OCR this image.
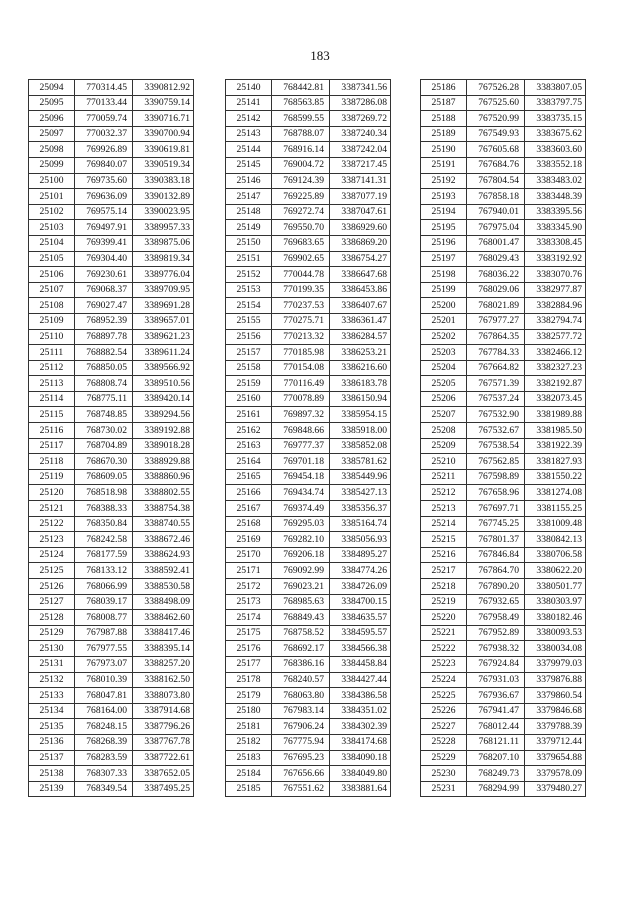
183
25094	770314.45	3390812.92
25095	770133.44	3390759.14
25096	770059.74	3390716.71
25097	770032.37	3390700.94
25098	769926.89	3390619.81
25099	769840.07	3390519.34
25100	769735.60	3390383.18
25101	769636.09	3390132.89
25102	769575.14	3390023.95
25103	769497.91	3389957.33
25104	769399.41	3389875.06
25105	769304.40	3389819.34
25106	769230.61	3389776.04
25107	769068.37	3389709.95
25108	769027.47	3389691.28
25109	768952.39	3389657.01
25110	768897.78	3389621.23
25111	768882.54	3389611.24
25112	768850.05	3389566.92
25113	768808.74	3389510.56
25114	768775.11	3389420.14
25115	768748.85	3389294.56
25116	768730.02	3389192.88
25117	768704.89	3389018.28
25118	768670.30	3388929.88
25119	768609.05	3388860.96
25120	768518.98	3388802.55
25121	768388.33	3388754.38
25122	768350.84	3388740.55
25123	768242.58	3388672.46
25124	768177.59	3388624.93
25125	768133.12	3388592.41
25126	768066.99	3388530.58
25127	768039.17	3388498.09
25128	768008.77	3388462.60
25129	767987.88	3388417.46
25130	767977.55	3388395.14
25131	767973.07	3388257.20
25132	768010.39	3388162.50
25133	768047.81	3388073.80
25134	768164.00	3387914.68
25135	768248.15	3387796.26
25136	768268.39	3387767.78
25137	768283.59	3387722.61
25138	768307.33	3387652.05
25139	768349.54	3387495.25
25140	768442.81	3387341.56
25141	768563.85	3387286.08
25142	768599.55	3387269.72
25143	768788.07	3387240.34
25144	768916.14	3387242.04
25145	769004.72	3387217.45
25146	769124.39	3387141.31
25147	769225.89	3387077.19
25148	769272.74	3387047.61
25149	769550.70	3386929.60
25150	769683.65	3386869.20
25151	769902.65	3386754.27
25152	770044.78	3386647.68
25153	770199.35	3386453.86
25154	770237.53	3386407.67
25155	770275.71	3386361.47
25156	770213.32	3386284.57
25157	770185.98	3386253.21
25158	770154.08	3386216.60
25159	770116.49	3386183.78
25160	770078.89	3386150.94
25161	769897.32	3385954.15
25162	769848.66	3385918.00
25163	769777.37	3385852.08
25164	769701.18	3385781.62
25165	769454.18	3385449.96
25166	769434.74	3385427.13
25167	769374.49	3385356.37
25168	769295.03	3385164.74
25169	769282.10	3385056.93
25170	769206.18	3384895.27
25171	769092.99	3384774.26
25172	769023.21	3384726.09
25173	768985.63	3384700.15
25174	768849.43	3384635.57
25175	768758.52	3384595.57
25176	768692.17	3384566.38
25177	768386.16	3384458.84
25178	768240.57	3384427.44
25179	768063.80	3384386.58
25180	767983.14	3384351.02
25181	767906.24	3384302.39
25182	767775.94	3384174.68
25183	767695.23	3384090.18
25184	767656.66	3384049.80
25185	767551.62	3383881.64
25186	767526.28	3383807.05
25187	767525.60	3383797.75
25188	767520.99	3383735.15
25189	767549.93	3383675.62
25190	767605.68	3383603.60
25191	767684.76	3383552.18
25192	767804.54	3383483.02
25193	767858.18	3383448.39
25194	767940.01	3383395.56
25195	767975.04	3383345.90
25196	768001.47	3383308.45
25197	768029.43	3383192.92
25198	768036.22	3383070.76
25199	768029.06	3382977.87
25200	768021.89	3382884.96
25201	767977.27	3382794.74
25202	767864.35	3382577.72
25203	767784.33	3382466.12
25204	767664.82	3382327.23
25205	767571.39	3382192.87
25206	767537.24	3382073.45
25207	767532.90	3381989.88
25208	767532.67	3381985.50
25209	767538.54	3381922.39
25210	767562.85	3381827.93
25211	767598.89	3381550.22
25212	767658.96	3381274.08
25213	767697.71	3381155.25
25214	767745.25	3381009.48
25215	767801.37	3380842.13
25216	767846.84	3380706.58
25217	767864.70	3380622.20
25218	767890.20	3380501.77
25219	767932.65	3380303.97
25220	767958.49	3380182.46
25221	767952.89	3380093.53
25222	767938.32	3380034.08
25223	767924.84	3379979.03
25224	767931.03	3379876.88
25225	767936.67	3379860.54
25226	767941.47	3379846.68
25227	768012.44	3379788.39
25228	768121.11	3379712.44
25229	768207.10	3379654.88
25230	768249.73	3379578.09
25231	768294.99	3379480.27
